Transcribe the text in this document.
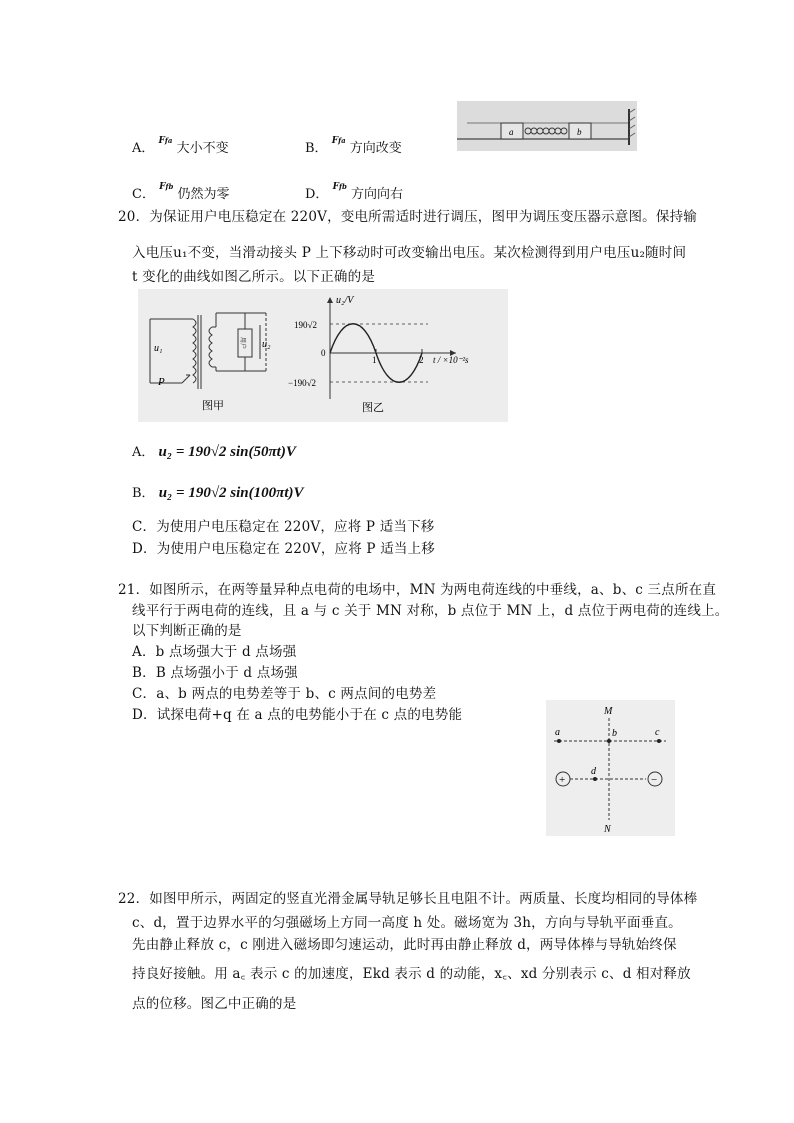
A． $^{Ffa}$ 大小不变	B． $^{Ffa}$ 方向改变
C． $^{Ffb}$ 仍然为零	D． $^{Ffb}$ 方向向右
a	b
20．为保证用户电压稳定在 220V，变电所需适时进行调压，图甲为调压变压器示意图。保持输
入电压u₁不变，当滑动接头 P 上下移动时可改变输出电压。某次检测得到用户电压u₂随时间
t 变化的曲线如图乙所示。以下正确的是
u₁	u₂
P
用户
图甲
u₂/V
190√2
−190√2
0
1	2 t / ×10⁻²s
图乙
A． u₂ = 190√2 sin(50πt)V
B． u₂ = 190√2 sin(100πt)V
C．为使用户电压稳定在 220V，应将 P 适当下移
D．为使用户电压稳定在 220V，应将 P 适当上移
21．如图所示，在两等量异种点电荷的电场中，MN 为两电荷连线的中垂线，a、b、c 三点所在直
线平行于两电荷的连线，且 a 与 c 关于 MN 对称，b 点位于 MN 上，d 点位于两电荷的连线上。
以下判断正确的是
A．b 点场强大于 d 点场强
B．B 点场强小于 d 点场强
C．a、b 两点的电势差等于 b、c 两点间的电势差
D．试探电荷+q 在 a 点的电势能小于在 c 点的电势能
+	−
M
N
a	b	c
d
22．如图甲所示，两固定的竖直光滑金属导轨足够长且电阻不计。两质量、长度均相同的导体棒
c、d，置于边界水平的匀强磁场上方同一高度 h 处。磁场宽为 3h，方向与导轨平面垂直。
先由静止释放 c，c 刚进入磁场即匀速运动，此时再由静止释放 d，两导体棒与导轨始终保
持良好接触。用 a꜀ 表示 c 的加速度，Ekd 表示 d 的动能，x꜀、xd 分别表示 c、d 相对释放
点的位移。图乙中正确的是
